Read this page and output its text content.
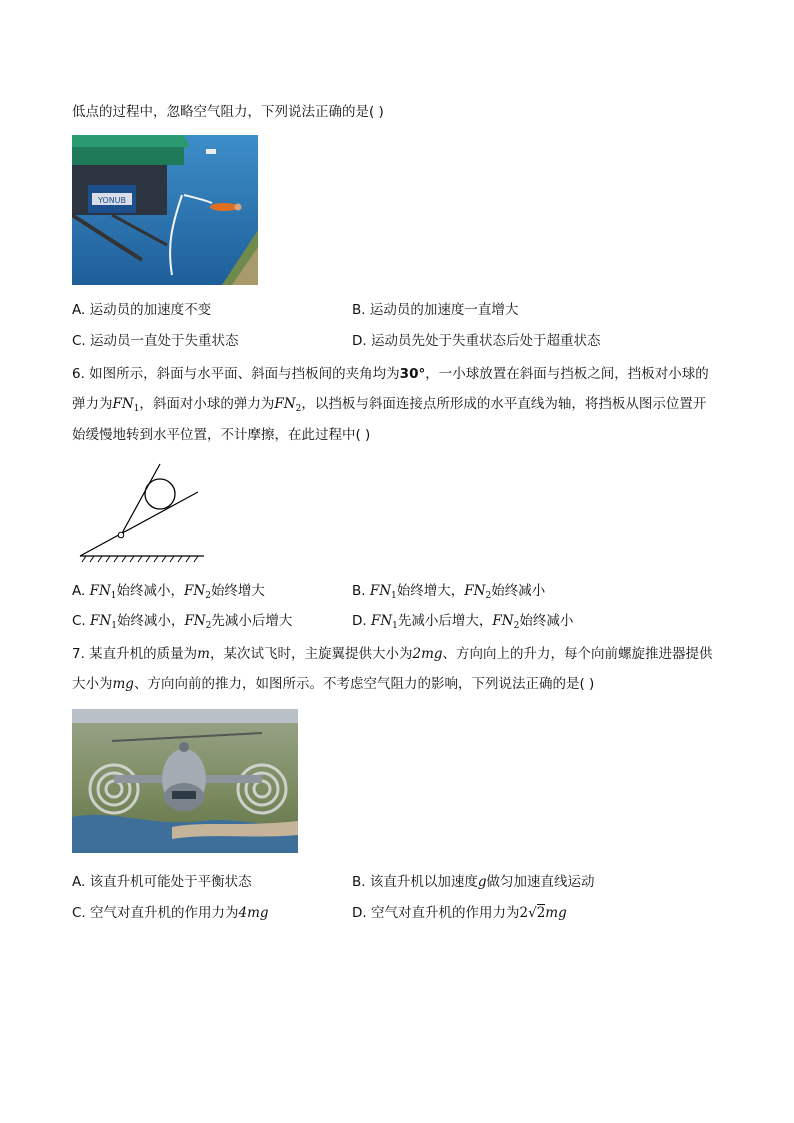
低点的过程中，忽略空气阻力，下列说法正确的是( )
YONUB
A. 运动员的加速度不变	B. 运动员的加速度一直增大
C. 运动员一直处于失重状态	D. 运动员先处于失重状态后处于超重状态
6. 如图所示，斜面与水平面、斜面与挡板间的夹角均为30°，一小球放置在斜面与挡板之间，挡板对小球的
弹力为$FN_1$，斜面对小球的弹力为$FN_2$，以挡板与斜面连接点所形成的水平直线为轴，将挡板从图示位置开
始缓慢地转到水平位置，不计摩擦，在此过程中( )
A. $FN_1$始终减小，$FN_2$始终增大	B. $FN_1$始终增大，$FN_2$始终减小
C. $FN_1$始终减小，$FN_2$先减小后增大	D. $FN_1$先减小后增大，$FN_2$始终减小
7. 某直升机的质量为m，某次试飞时，主旋翼提供大小为2mg、方向向上的升力，每个向前螺旋推进器提供
大小为mg、方向向前的推力，如图所示。不考虑空气阻力的影响，下列说法正确的是( )
A. 该直升机可能处于平衡状态	B. 该直升机以加速度g做匀加速直线运动
C. 空气对直升机的作用力为4mg	D. 空气对直升机的作用力为2√2mg
